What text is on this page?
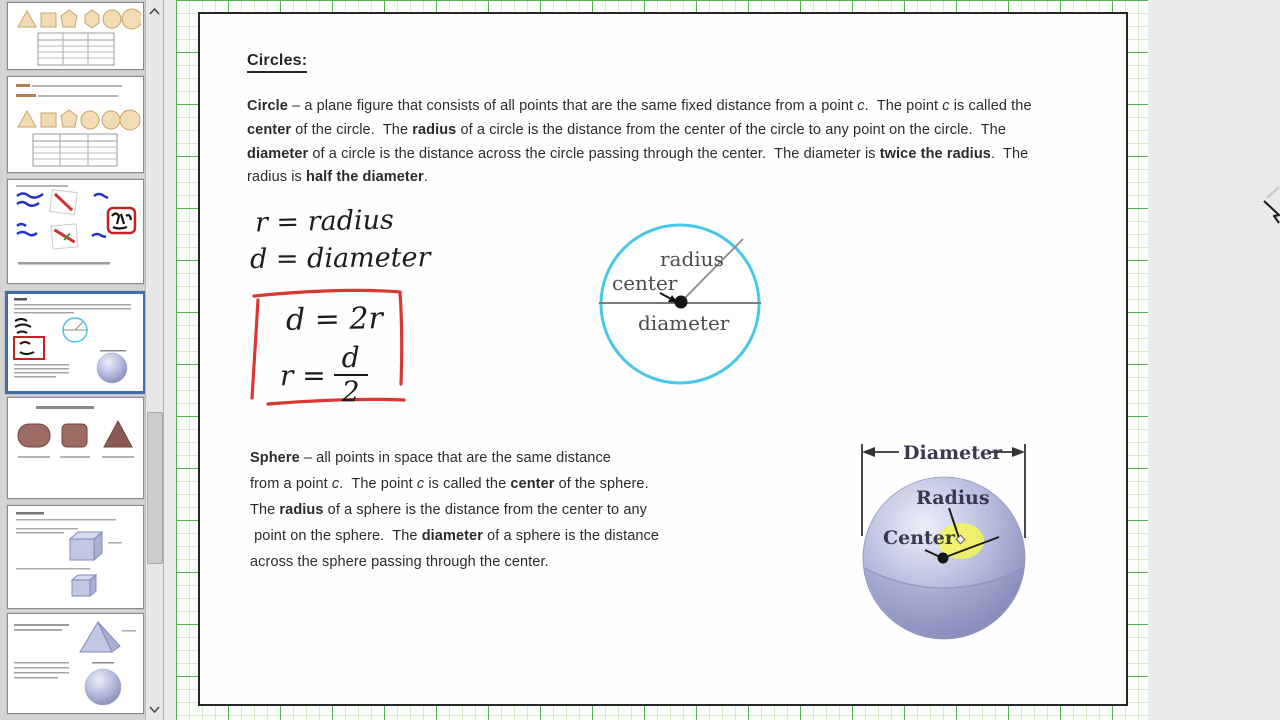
Circles:
Circle – a plane figure that consists of all points that are the same fixed distance from a point c.  The point c is called the
center of the circle.  The radius of a circle is the distance from the center of the circle to any point on the circle.  The
diameter of a circle is the distance across the circle passing through the center.  The diameter is twice the radius.  The
radius is half the diameter.
r = radius
d = diameter
d = 2r
$r = \frac{d}{2}$
radius
center
diameter
Sphere – all points in space that are the same distance
from a point c.  The point c is called the center of the sphere.
The radius of a sphere is the distance from the center to any
point on the sphere.  The diameter of a sphere is the distance
across the sphere passing through the center.
Diameter
Radius
Center
